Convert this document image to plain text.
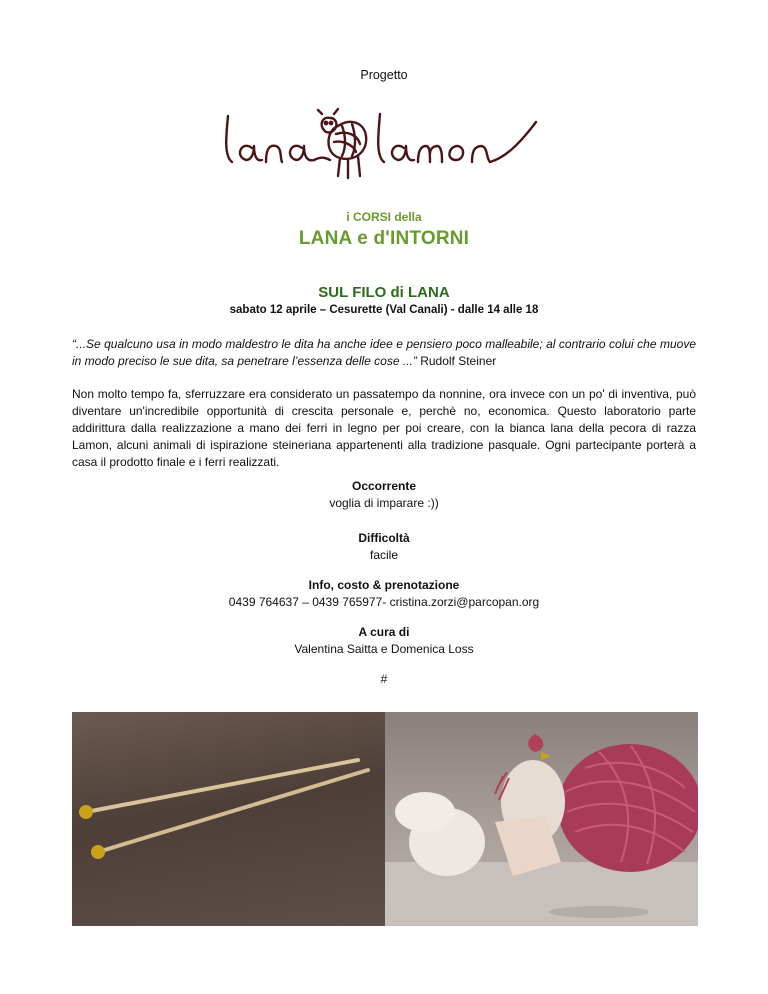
Progetto
i CORSI della
LANA e d'INTORNI
SUL FILO di LANA
sabato 12 aprile – Cesurette (Val Canali) - dalle 14 alle 18
“...Se qualcuno usa in modo maldestro le dita ha anche idee e pensiero poco malleabile; al contrario colui che muove in modo preciso le sue dita, sa penetrare l’essenza delle cose ...” Rudolf Steiner
Non molto tempo fa, sferruzzare era considerato un passatempo da nonnine, ora invece con un po' di inventiva, può diventare un'incredibile opportunità di crescita personale e, perchè no, economica. Questo laboratorio parte addirittura dalla realizzazione a mano dei ferri in legno per poi creare, con la bianca lana della pecora di razza Lamon, alcuni animali di ispirazione steineriana appartenenti alla tradizione pasquale. Ogni partecipante porterà a casa il prodotto finale e i ferri realizzati.
Occorrente
voglia di imparare :))
Difficoltà
facile
Info, costo & prenotazione
0439 764637 – 0439 765977- cristina.zorzi@parcopan.org
A cura di
Valentina Saitta e Domenica Loss
#
